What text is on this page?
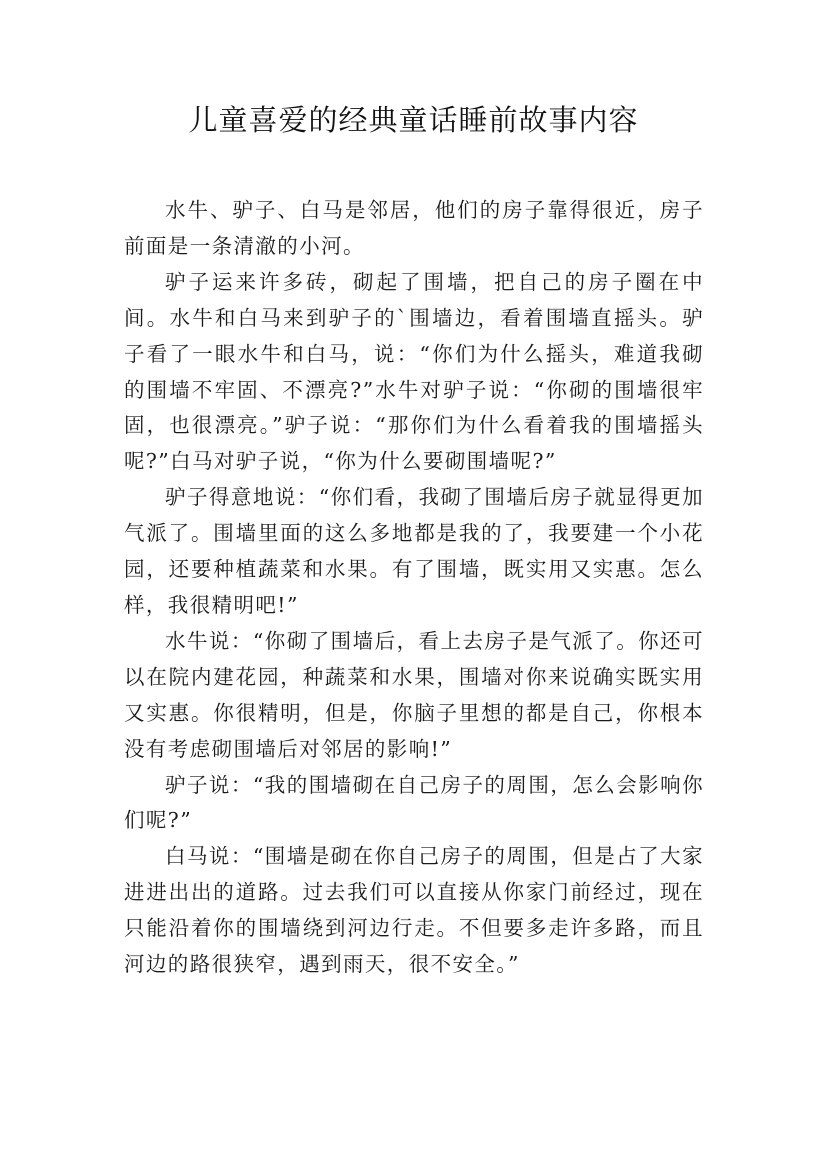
儿童喜爱的经典童话睡前故事内容

水牛、驴子、白马是邻居，他们的房子靠得很近，房子前面是一条清澈的小河。

驴子运来许多砖，砌起了围墙，把自己的房子圈在中间。水牛和白马来到驴子的`围墙边，看着围墙直摇头。驴子看了一眼水牛和白马，说：“你们为什么摇头，难道我砌的围墙不牢固、不漂亮?”水牛对驴子说：“你砌的围墙很牢固，也很漂亮。”驴子说：“那你们为什么看着我的围墙摇头呢?”白马对驴子说，“你为什么要砌围墙呢?”

驴子得意地说：“你们看，我砌了围墙后房子就显得更加气派了。围墙里面的这么多地都是我的了，我要建一个小花园，还要种植蔬菜和水果。有了围墙，既实用又实惠。怎么样，我很精明吧!”

水牛说：“你砌了围墙后，看上去房子是气派了。你还可以在院内建花园，种蔬菜和水果，围墙对你来说确实既实用又实惠。你很精明，但是，你脑子里想的都是自己，你根本没有考虑砌围墙后对邻居的影响!”

驴子说：“我的围墙砌在自己房子的周围，怎么会影响你们呢?”

白马说：“围墙是砌在你自己房子的周围，但是占了大家进进出出的道路。过去我们可以直接从你家门前经过，现在只能沿着你的围墙绕到河边行走。不但要多走许多路，而且河边的路很狭窄，遇到雨天，很不安全。”
